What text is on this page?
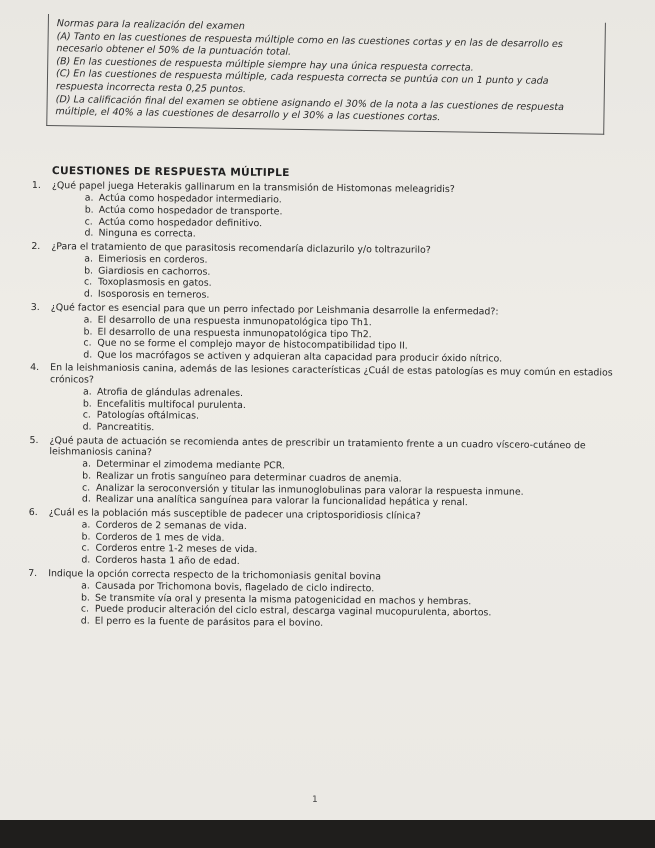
Normas para la realización del examen

(A) Tanto en las cuestiones de respuesta múltiple como en las cuestiones cortas y en las de desarrollo es necesario obtener el 50% de la puntuación total.

(B) En las cuestiones de respuesta múltiple siempre hay una única respuesta correcta.

(C) En las cuestiones de respuesta múltiple, cada respuesta correcta se puntúa con un 1 punto y cada respuesta incorrecta resta 0,25 puntos.

(D) La calificación final del examen se obtiene asignando el 30% de la nota a las cuestiones de respuesta múltiple, el 40% a las cuestiones de desarrollo y el 30% a las cuestiones cortas.

CUESTIONES DE RESPUESTA MÚLTIPLE
1.	¿Qué papel juega Heterakis gallinarum en la transmisión de Histomonas meleagridis?
a. Actúa como hospedador intermediario.
b. Actúa como hospedador de transporte.
c. Actúa como hospedador definitivo.
d. Ninguna es correcta.
2.	¿Para el tratamiento de que parasitosis recomendaría diclazurilo y/o toltrazurilo?
a. Eimeriosis en corderos.
b. Giardiosis en cachorros.
c. Toxoplasmosis en gatos.
d. Isosporosis en terneros.
3.	¿Qué factor es esencial para que un perro infectado por Leishmania desarrolle la enfermedad?:
a. El desarrollo de una respuesta inmunopatológica tipo Th1.
b. El desarrollo de una respuesta inmunopatológica tipo Th2.
c. Que no se forme el complejo mayor de histocompatibilidad tipo II.
d. Que los macrófagos se activen y adquieran alta capacidad para producir óxido nítrico.
4.	En la leishmaniosis canina, además de las lesiones características ¿Cuál de estas patologías es muy común en estadios crónicos?
a. Atrofia de glándulas adrenales.
b. Encefalitis multifocal purulenta.
c. Patologías oftálmicas.
d. Pancreatitis.
5.	¿Qué pauta de actuación se recomienda antes de prescribir un tratamiento frente a un cuadro víscero-cutáneo de leishmaniosis canina?
a. Determinar el zimodema mediante PCR.
b. Realizar un frotis sanguíneo para determinar cuadros de anemia.
c. Analizar la seroconversión y titular las inmunoglobulinas para valorar la respuesta inmune.
d. Realizar una analítica sanguínea para valorar la funcionalidad hepática y renal.
6.	¿Cuál es la población más susceptible de padecer una criptosporidiosis clínica?
a. Corderos de 2 semanas de vida.
b. Corderos de 1 mes de vida.
c. Corderos entre 1-2 meses de vida.
d. Corderos hasta 1 año de edad.
7.	Indique la opción correcta respecto de la trichomoniasis genital bovina
a. Causada por Trichomona bovis, flagelado de ciclo indirecto.
b. Se transmite vía oral y presenta la misma patogenicidad en machos y hembras.
c. Puede producir alteración del ciclo estral, descarga vaginal mucopurulenta, abortos.
d. El perro es la fuente de parásitos para el bovino.
1
